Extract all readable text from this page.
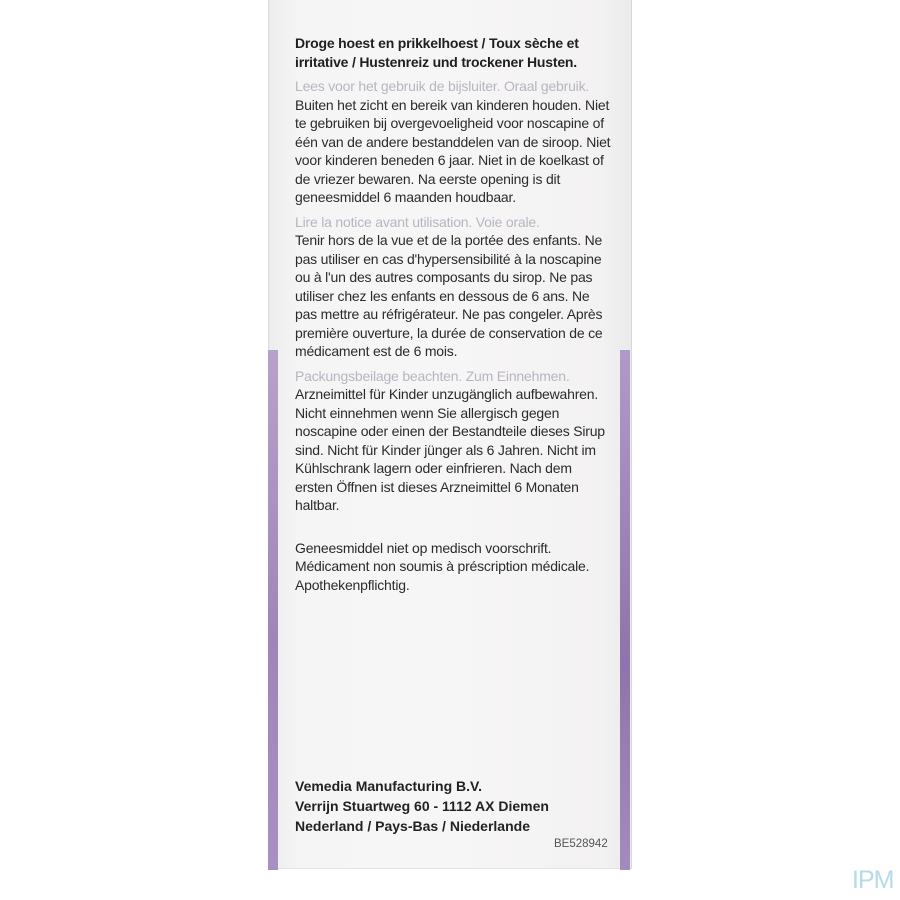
Droge hoest en prikkelhoest / Toux sèche et irritative / Hustenreiz und trockener Husten.

Lees voor het gebruik de bijsluiter. Oraal gebruik.

Buiten het zicht en bereik van kinderen houden. Niet te gebruiken bij overgevoeligheid voor noscapine of één van de andere bestanddelen van de siroop. Niet voor kinderen beneden 6 jaar. Niet in de koelkast of de vriezer bewaren. Na eerste opening is dit geneesmiddel 6 maanden houdbaar.

Lire la notice avant utilisation. Voie orale.

Tenir hors de la vue et de la portée des enfants. Ne pas utiliser en cas d'hypersensibilité à la noscapine ou à l'un des autres composants du sirop. Ne pas utiliser chez les enfants en dessous de 6 ans. Ne pas mettre au réfrigérateur. Ne pas congeler. Après première ouverture, la durée de conservation de ce médicament est de 6 mois.

Packungsbeilage beachten. Zum Einnehmen.

Arzneimittel für Kinder unzugänglich aufbewahren. Nicht einnehmen wenn Sie allergisch gegen noscapine oder einen der Bestandteile dieses Sirup sind. Nicht für Kinder jünger als 6 Jahren. Nicht im Kühlschrank lagern oder einfrieren. Nach dem ersten Öffnen ist dieses Arzneimittel 6 Monaten haltbar.

Geneesmiddel niet op medisch voorschrift.

Médicament non soumis à préscription médicale.

Apothekenpflichtig.

Vemedia Manufacturing B.V.
Verrijn Stuartweg 60 - 1112 AX Diemen
Nederland / Pays-Bas / Niederlande
BE528942
IPM
